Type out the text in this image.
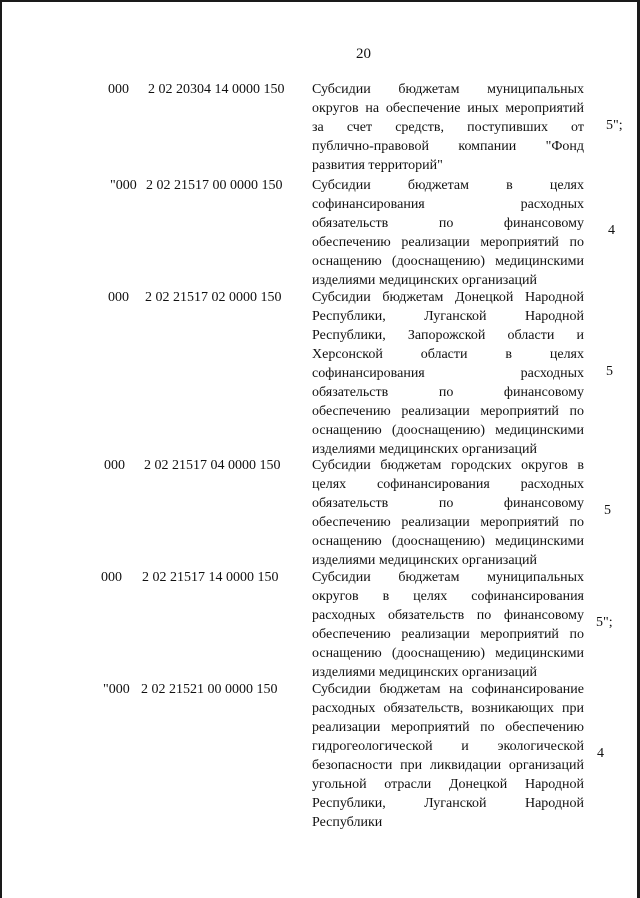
20
000 2 02 20304 14 0000 150 Субсидии бюджетам муниципальных
округов на обеспечение иных мероприятий
за счет средств, поступивших от
публично-правовой компании "Фонд
развития территорий"
5";
"000 2 02 21517 00 0000 150 Субсидии бюджетам в целях
софинансирования расходных
обязательств по финансовому
обеспечению реализации мероприятий по
оснащению (дооснащению) медицинскими
изделиями медицинских организаций
4
000 2 02 21517 02 0000 150 Субсидии бюджетам Донецкой Народной
Республики, Луганской Народной
Республики, Запорожской области и
Херсонской области в целях
софинансирования расходных
обязательств по финансовому
обеспечению реализации мероприятий по
оснащению (дооснащению) медицинскими
изделиями медицинских организаций
5
000 2 02 21517 04 0000 150 Субсидии бюджетам городских округов в
целях софинансирования расходных
обязательств по финансовому
обеспечению реализации мероприятий по
оснащению (дооснащению) медицинскими
изделиями медицинских организаций
5
000 2 02 21517 14 0000 150 Субсидии бюджетам муниципальных
округов в целях софинансирования
расходных обязательств по финансовому
обеспечению реализации мероприятий по
оснащению (дооснащению) медицинскими
изделиями медицинских организаций
5";
"000 2 02 21521 00 0000 150 Субсидии бюджетам на софинансирование
расходных обязательств, возникающих при
реализации мероприятий по обеспечению
гидрогеологической и экологической
безопасности при ликвидации организаций
угольной отрасли Донецкой Народной
Республики, Луганской Народной
Республики
4
